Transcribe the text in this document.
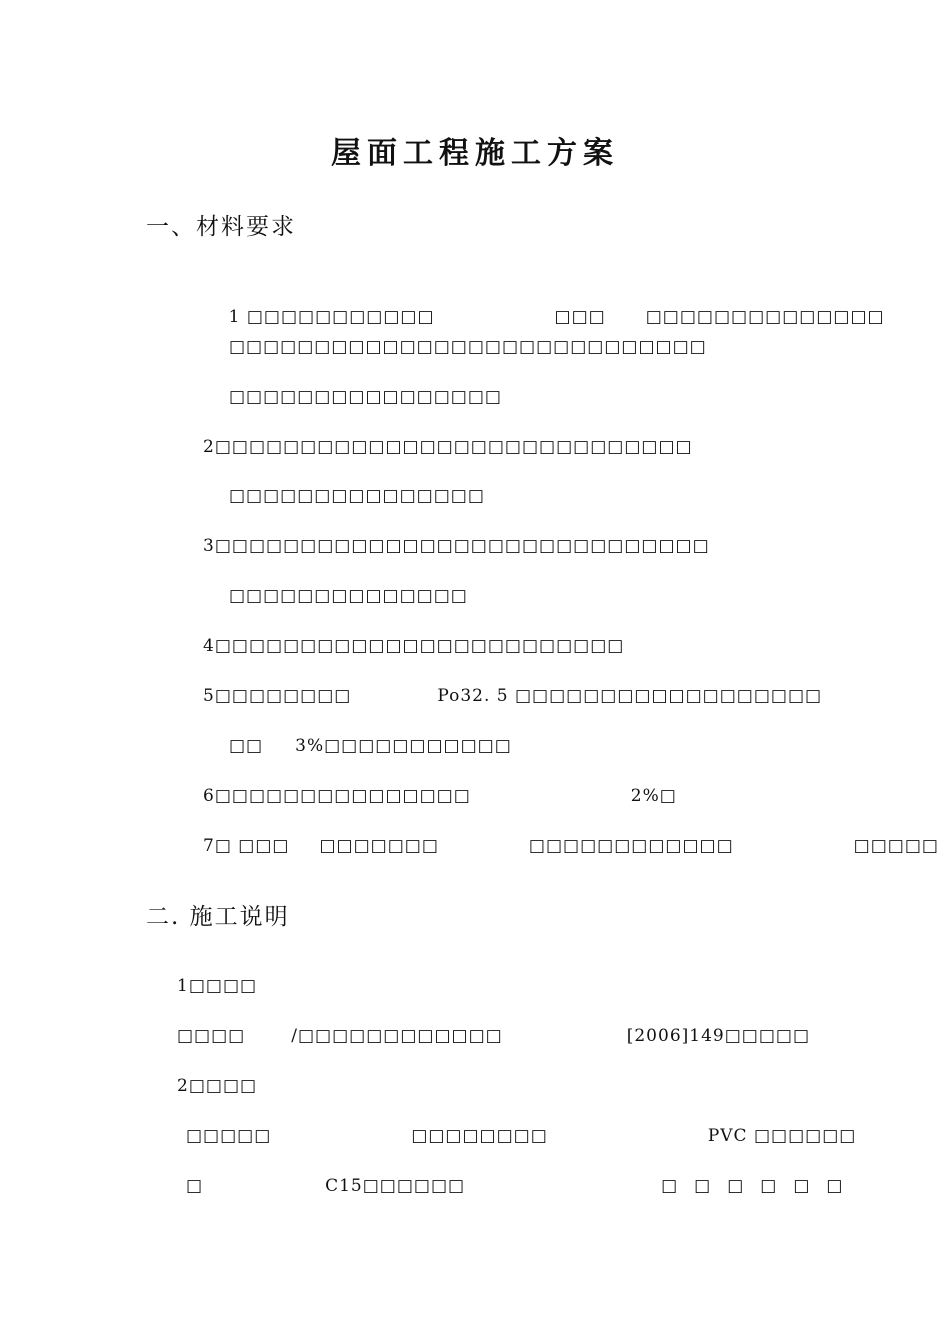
屋面工程施工方案
一、材料要求

1 □□□□□□□□□□□	□□□ □□□□□□□□□□□□□□

□□□□□□□□□□□□□□□□□□□□□□□□□□□□
□□□□□□□□□□□□□□□□
2□□□□□□□□□□□□□□□□□□□□□□□□□□□□
□□□□□□□□□□□□□□□
3□□□□□□□□□□□□□□□□□□□□□□□□□□□□□
□□□□□□□□□□□□□□
4□□□□□□□□□□□□□□□□□□□□□□□□
5□□□□□□□□	Po32. 5 □□□□□□□□□□□□□□□□□□
□□ 3%□□□□□□□□□□□
6□□□□□□□□□□□□□□□	2%□
7□ □□□ □□□□□□□	□□□□□□□□□□□□	□□□□□
二. 施工说明
1□□□□
□□□□	/□□□□□□□□□□□□	[2006]149□□□□□
2□□□□
□□□□□	□□□□□□□□	PVC □□□□□□
□	C15□□□□□□	□ □ □ □ □ □
